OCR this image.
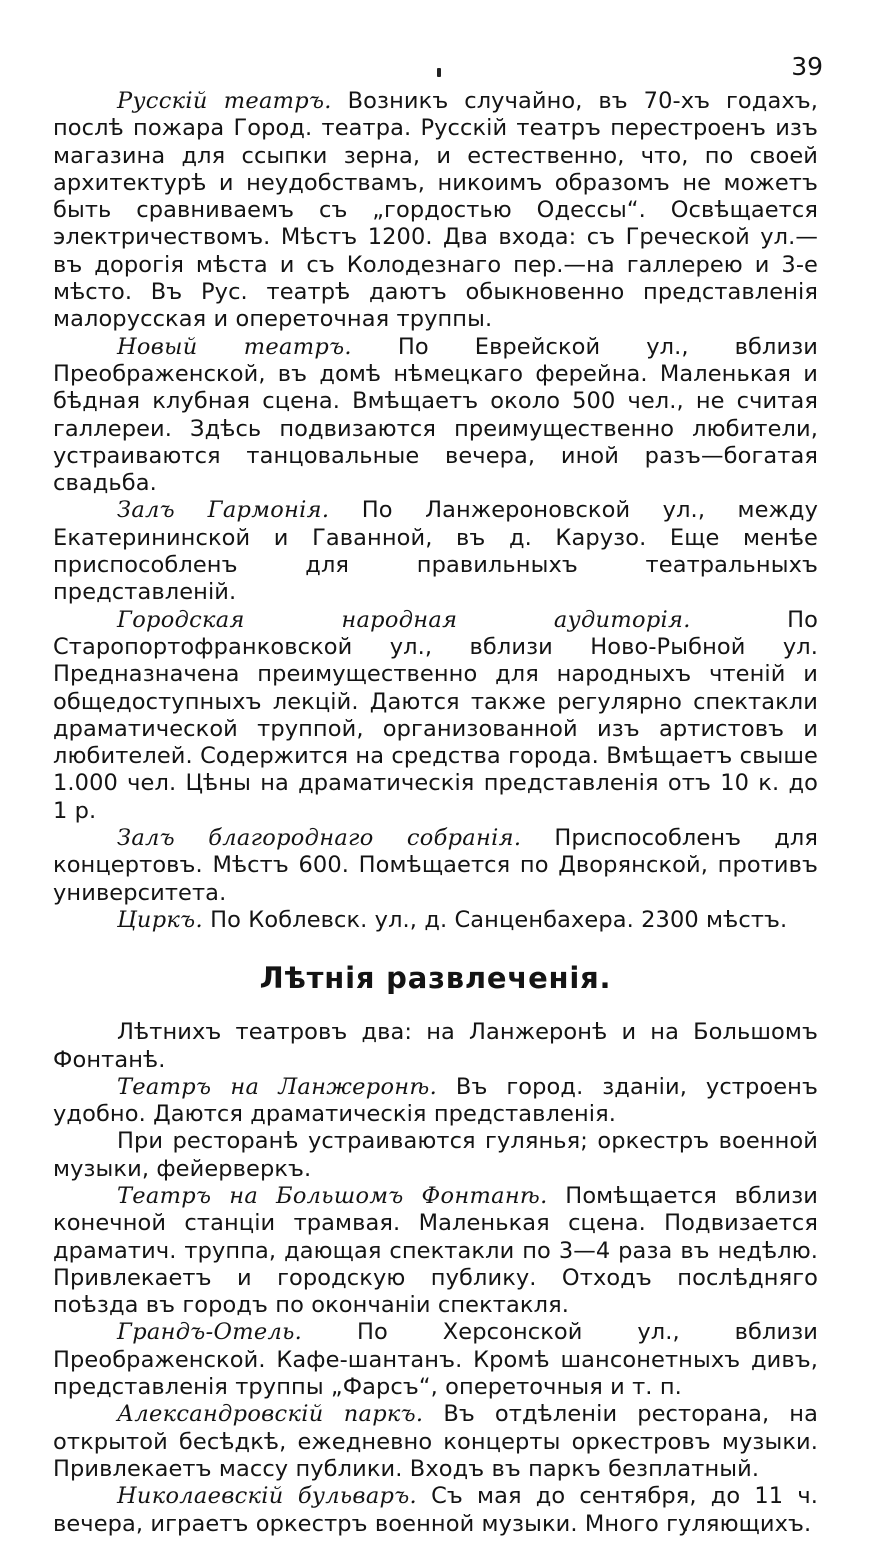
39

Русскій театръ. Возникъ случайно, въ 70-хъ годахъ, послѣ пожара Город. театра. Русскій театръ перестроенъ изъ магазина для ссыпки зерна, и естественно, что, по своей архитектурѣ и неудобствамъ, никоимъ образомъ не можетъ быть сравниваемъ съ „гордостью Одессы“. Освѣщается электричествомъ. Мѣстъ 1200. Два входа: съ Греческой ул.—въ дорогія мѣста и съ Колодезнаго пер.—на галлерею и 3-е мѣсто. Въ Рус. театрѣ даютъ обыкновенно представленія малорусская и опереточная труппы.

Новый театръ. По Еврейской ул., вблизи Преображенской, въ домѣ нѣмецкаго ферейна. Маленькая и бѣдная клубная сцена. Вмѣщаетъ около 500 чел., не считая галлереи. Здѣсь подвизаются преимущественно любители, устраиваются танцовальные вечера, иной разъ—богатая свадьба.

Залъ Гармонія. По Ланжероновской ул., между Екатерининской и Гаванной, въ д. Карузо. Еще менѣе приспособленъ для правильныхъ театральныхъ представленій.

Городская народная аудиторія. По Старопортофранковской ул., вблизи Ново-Рыбной ул. Предназначена преимущественно для народныхъ чтеній и общедоступныхъ лекцій. Даются также регулярно спектакли драматической труппой, организованной изъ артистовъ и любителей. Содержится на средства города. Вмѣщаетъ свыше 1.000 чел. Цѣны на драматическія представленія отъ 10 к. до 1 р.

Залъ благороднаго собранія. Приспособленъ для концертовъ. Мѣстъ 600. Помѣщается по Дворянской, противъ университета.

Циркъ. По Коблевск. ул., д. Санценбахера. 2300 мѣстъ.

Лѣтнія развлеченія.

Лѣтнихъ театровъ два: на Ланжеронѣ и на Большомъ Фонтанѣ.

Театръ на Ланжеронѣ. Въ город. зданіи, устроенъ удобно. Даются драматическія представленія.

При ресторанѣ устраиваются гулянья; оркестръ военной музыки, фейерверкъ.

Театръ на Большомъ Фонтанѣ. Помѣщается вблизи конечной станціи трамвая. Маленькая сцена. Подвизается драматич. труппа, дающая спектакли по 3—4 раза въ недѣлю. Привлекаетъ и городскую публику. Отходъ послѣдняго поѣзда въ городъ по окончаніи спектакля.

Грандъ-Отель. По Херсонской ул., вблизи Преображенской. Кафе-шантанъ. Кромѣ шансонетныхъ дивъ, представленія труппы „Фарсъ“, опереточныя и т. п.

Александровскій паркъ. Въ отдѣленіи ресторана, на открытой бесѣдкѣ, ежедневно концерты оркестровъ музыки. Привлекаетъ массу публики. Входъ въ паркъ безплатный.

Николаевскій бульваръ. Съ мая до сентября, до 11 ч. вечера, играетъ оркестръ военной музыки. Много гуляющихъ.
